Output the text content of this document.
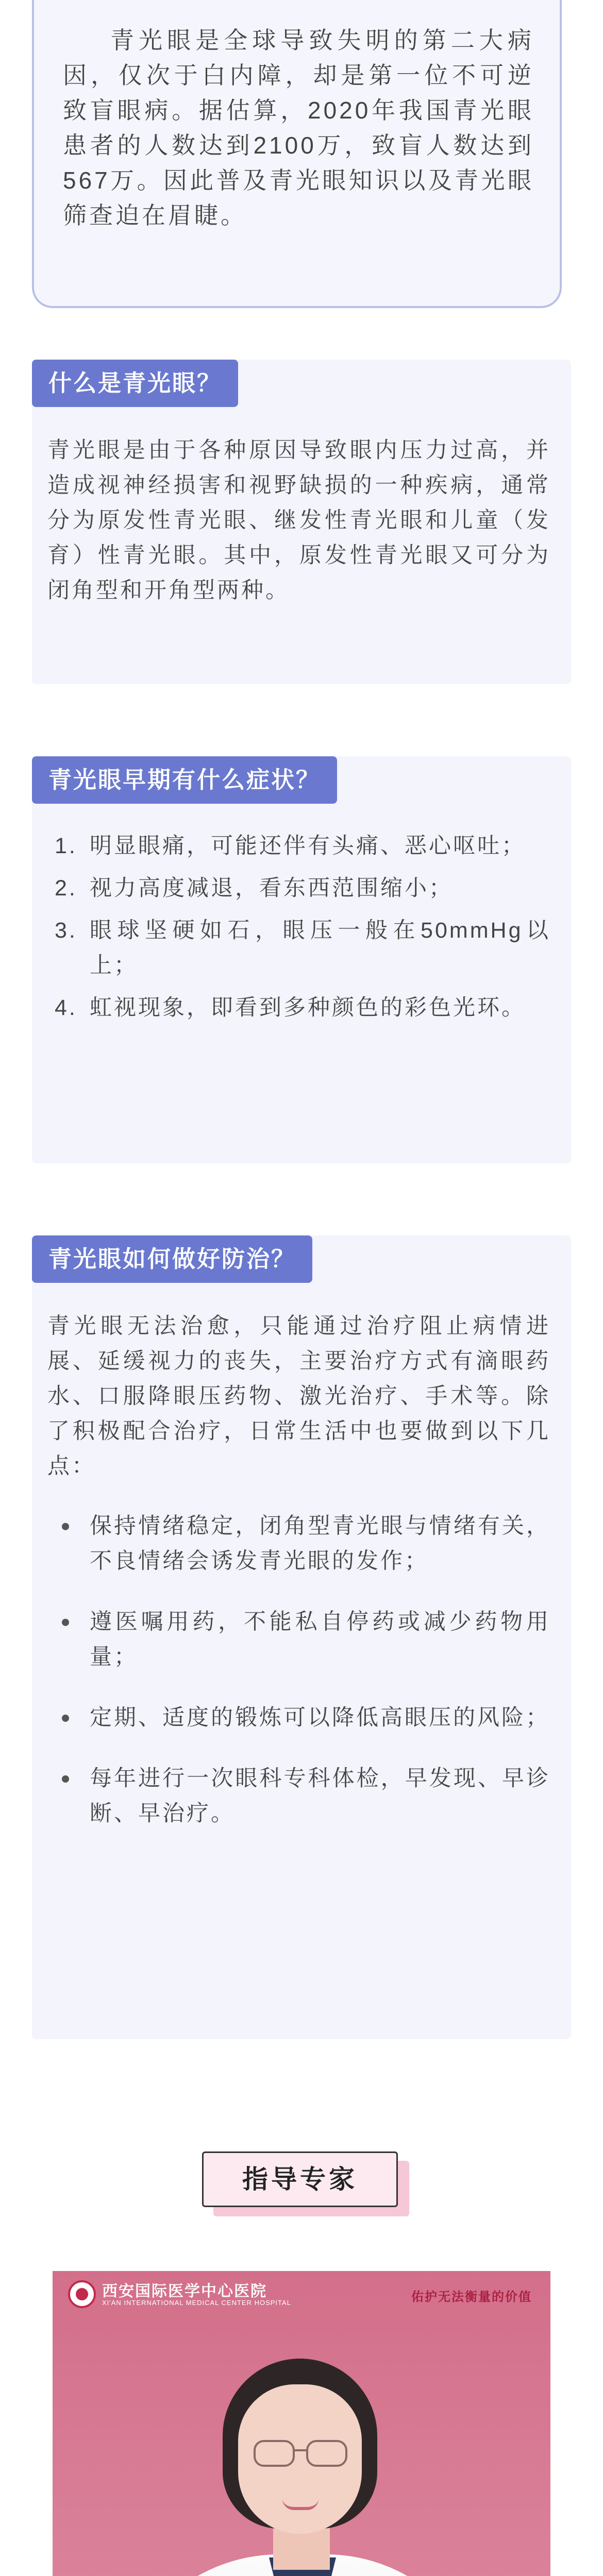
青光眼是全球导致失明的第二大病因，仅次于白内障，却是第一位不可逆致盲眼病。据估算，2020年我国青光眼患者的人数达到2100万，致盲人数达到567万。因此普及青光眼知识以及青光眼筛查迫在眉睫。

什么是青光眼？
青光眼是由于各种原因导致眼内压力过高，并造成视神经损害和视野缺损的一种疾病，通常分为原发性青光眼、继发性青光眼和儿童（发育）性青光眼。其中，原发性青光眼又可分为闭角型和开角型两种。
青光眼早期有什么症状？
1. 明显眼痛，可能还伴有头痛、恶心呕吐；
2. 视力高度减退，看东西范围缩小；
3. 眼球坚硬如石，眼压一般在50mmHg以上；
4. 虹视现象，即看到多种颜色的彩色光环。
青光眼如何做好防治？
青光眼无法治愈，只能通过治疗阻止病情进展、延缓视力的丧失，主要治疗方式有滴眼药水、口服降眼压药物、激光治疗、手术等。除了积极配合治疗，日常生活中也要做到以下几点：
保持情绪稳定，闭角型青光眼与情绪有关，不良情绪会诱发青光眼的发作；
遵医嘱用药，不能私自停药或减少药物用量；
定期、适度的锻炼可以降低高眼压的风险；
每年进行一次眼科专科体检，早发现、早诊断、早治疗。
指导专家
西安国际医学中心医院
XI'AN INTERNATIONAL MEDICAL CENTER HOSPITAL	佑护无法衡量的价值
